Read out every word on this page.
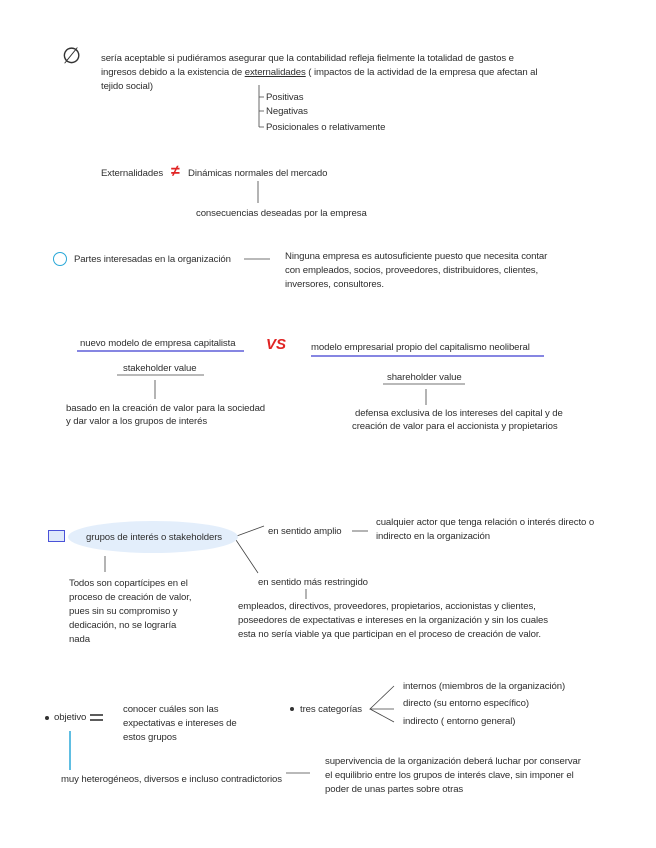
∅ sería aceptable si pudiéramos asegurar que la contabilidad refleja fielmente la totalidad de gastos e
ingresos debido a la existencia de externalidades ( impactos de la actividad de la empresa que afectan al
tejido social)
Positivas
Negativas
Posicionales o relativamente
Externalidades ≠ Dinámicas normales del mercado
consecuencias deseadas por la empresa
Partes interesadas en la organización	Ninguna empresa es autosuficiente puesto que necesita contar
con empleados, socios, proveedores, distribuidores, clientes,
inversores, consultores.
nuevo modelo de empresa capitalista
stakeholder value
basado en la creación de valor para la sociedad
y dar valor a los grupos de interés
VS	modelo empresarial propio del capitalismo neoliberal
shareholder value
defensa exclusiva de los intereses del capital y de
creación de valor para el accionista y propietarios
grupos de interés o stakeholders
en sentido amplio
cualquier actor que tenga relación o interés directo o
indirecto en la organización
en sentido más restringido
empleados, directivos, proveedores, propietarios, accionistas y clientes,
poseedores de expectativas e intereses en la organización y sin los cuales
esta no sería viable ya que participan en el proceso de creación de valor.
Todos son copartícipes en el
proceso de creación de valor,
pues sin su compromiso y
dedicación, no se lograría
nada
objetivo
conocer cuáles son las
expectativas e intereses de
estos grupos
tres categorías
internos (miembros de la organización)
directo (su entorno específico)
indirecto ( entorno general)
muy heterogéneos, diversos e incluso contradictorios
supervivencia de la organización deberá luchar por conservar
el equilibrio entre los grupos de interés clave, sin imponer el
poder de unas partes sobre otras
